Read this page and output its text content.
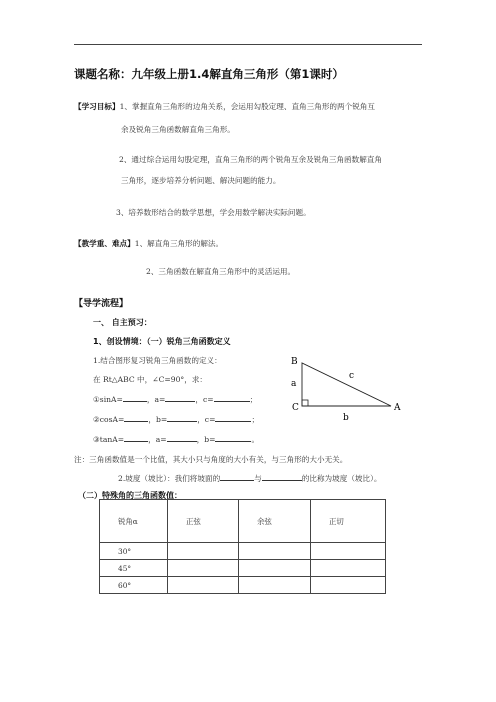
课题名称：九年级上册1.4解直角三角形（第1课时）
【学习目标】1、掌握直角三角形的边角关系，会运用勾股定理、直角三角形的两个锐角互
余及锐角三角函数解直角三角形。
2、通过综合运用勾股定理，直角三角形的两个锐角互余及锐角三角函数解直角
三角形，逐步培养分析问题、解决问题的能力。
3、培养数形结合的数学思想，学会用数学解决实际问题。
【教学重、难点】1、解直角三角形的解法。
2、三角函数在解直角三角形中的灵活运用。
【导学流程】
一、 自主预习：
1、创设情境：（一）锐角三角函数定义
1.结合图形复习锐角三角函数的定义：
在 Rt△ABC 中，∠C=90°，求：
①sinA=	，a=	，c=	；
②cosA=	，b=	，c=	；
③tanA=	，a=	，b=	。
B
C	A
a
b
c
注：三角函数值是一个比值，其大小只与角度的大小有关，与三角形的大小无关。
2.坡度（坡比）：我们将坡面的	与	的比称为坡度（坡比）。
（二）特殊角的三角函数值：
锐角α	正弦	余弦	正切
30°			
45°			
60°			
